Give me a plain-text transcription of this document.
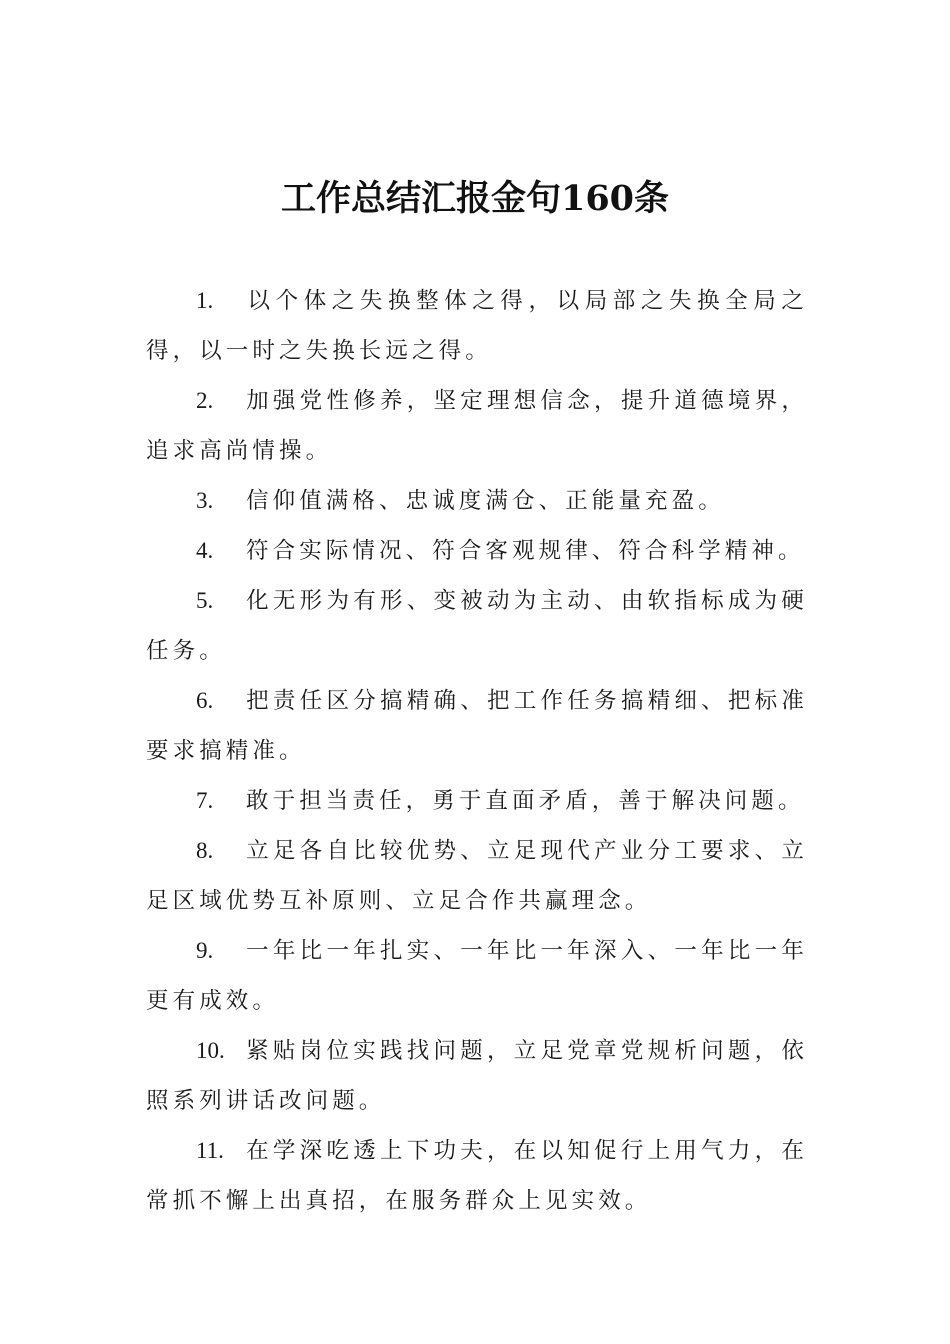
工作总结汇报金句160条

1. 以个体之失换整体之得，以局部之失换全局之得，以一时之失换长远之得。

2. 加强党性修养，坚定理想信念，提升道德境界，追求高尚情操。

3. 信仰值满格、忠诚度满仓、正能量充盈。

4. 符合实际情况、符合客观规律、符合科学精神。

5. 化无形为有形、变被动为主动、由软指标成为硬任务。

6. 把责任区分搞精确、把工作任务搞精细、把标准要求搞精准。

7. 敢于担当责任，勇于直面矛盾，善于解决问题。

8. 立足各自比较优势、立足现代产业分工要求、立足区域优势互补原则、立足合作共赢理念。

9. 一年比一年扎实、一年比一年深入、一年比一年更有成效。

10. 紧贴岗位实践找问题，立足党章党规析问题，依照系列讲话改问题。

11. 在学深吃透上下功夫，在以知促行上用气力，在常抓不懈上出真招，在服务群众上见实效。
